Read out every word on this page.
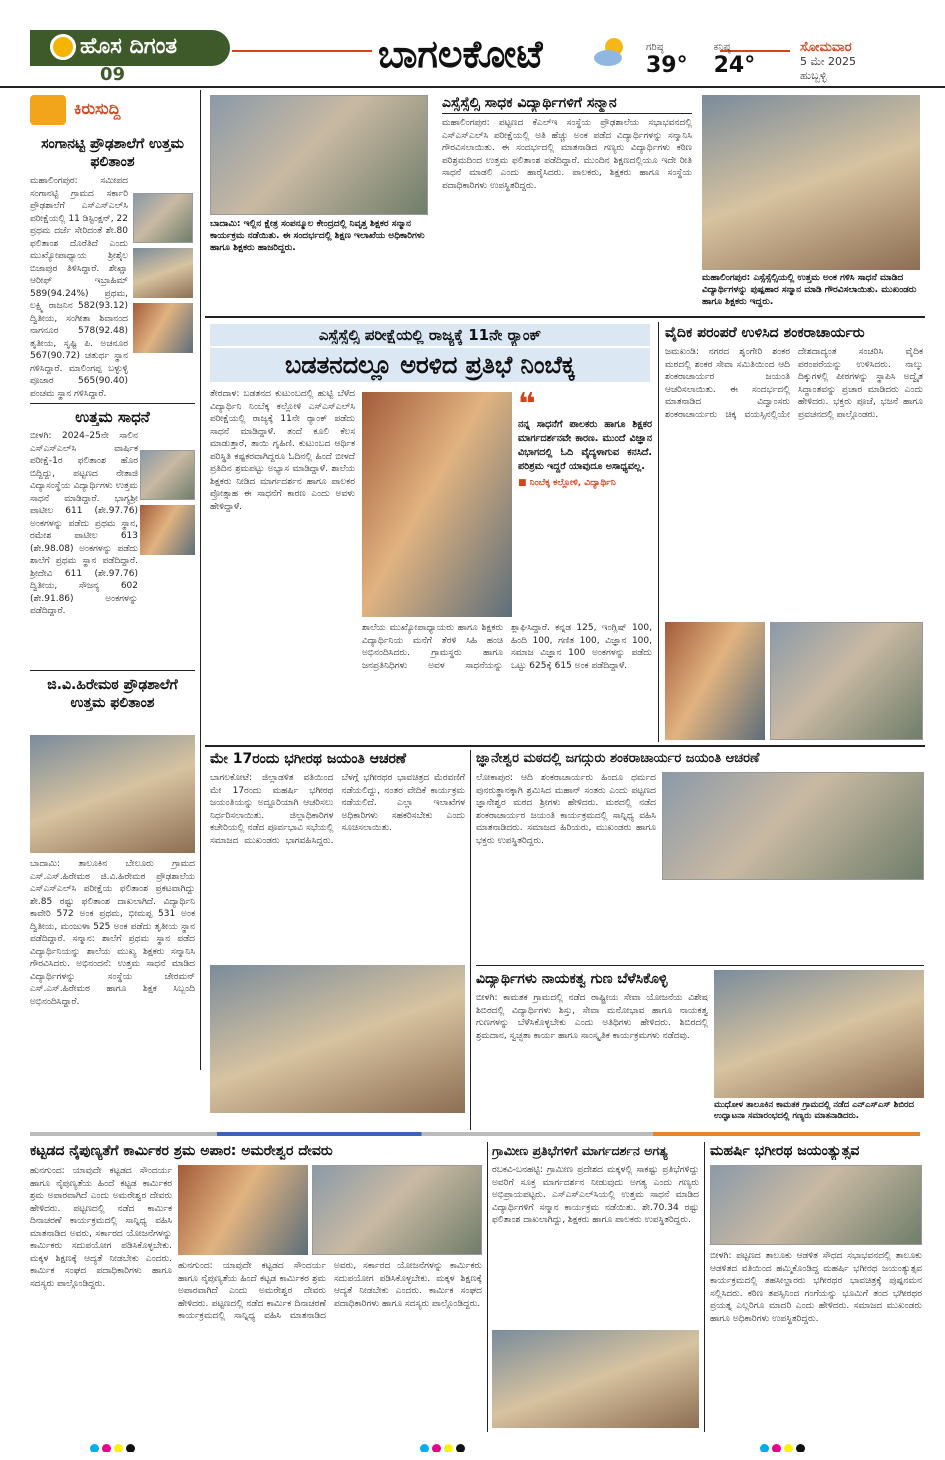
ಹೊಸ ದಿಗಂತ
09	ಬಾಗಲಕೋಟೆ	ಗರಿಷ್ಠ
39°
ಕನಿಷ್ಠ
24°
ಸೋಮವಾರ
5 ಮೇ 2025
ಹುಬ್ಬಳ್ಳಿ
ಕಿರುಸುದ್ದಿ
ಸಂಗಾನಟ್ಟಿ ಪ್ರೌಢಶಾಲೆಗೆ ಉತ್ತಮ ಫಲಿತಾಂಶ
ಮಹಾಲಿಂಗಪುರ: ಸಮೀಪದ ಸಂಗಾನಟ್ಟಿ ಗ್ರಾಮದ ಸರ್ಕಾರಿ ಪ್ರೌಢಶಾಲೆಗೆ ಎಸ್ಎಸ್ಎಲ್‌ಸಿ ಪರೀಕ್ಷೆಯಲ್ಲಿ 11 ಡಿಸ್ಟಿಂಕ್ಷನ್, 22 ಪ್ರಥಮ ದರ್ಜೆ ಸೇರಿದಂತೆ ಶೇ.80 ಫಲಿತಾಂಶ ದೊರೆತಿದೆ ಎಂದು ಮುಖ್ಯೋಪಾಧ್ಯಾಯ ಶ್ರೀಶೈಲ ಬಿಜಾಪುರ ತಿಳಿಸಿದ್ದಾರೆ. ಶೇಖ್ಷಾ ಆರೀಫ್ ಇಬ್ರಾಹಿಮ್ 589(94.24%) ಪ್ರಥಮ, ಲಕ್ಷ್ಮಿ ರಾಜನಿನ 582(93.12) ದ್ವಿತೀಯ, ಸಂಗೀತಾ ಶಿವಾನಂದ ನಾಗನೂರ 578(92.48) ತೃತೀಯ, ಸೃಷ್ಟಿ ಪಿ. ಅಚನೂರ 567(90.72) ಚತುರ್ಥ ಸ್ಥಾನ ಗಳಿಸಿದ್ದಾರೆ. ಮಾಲಿಂಗಪ್ಪ ಬಳ್ಳುಳ್ಳಿ ಪೂಜಾರ 565(90.40) ಪಂಚಮ ಸ್ಥಾನ ಗಳಿಸಿದ್ದಾರೆ.
ಉತ್ತಮ ಸಾಧನೆ
ಬೀಳಗಿ: 2024–25ನೇ ಸಾಲಿನ ಎಸ್ಎಸ್‌ಎಲ್‌ಸಿ ವಾರ್ಷಿಕ ಪರೀಕ್ಷೆ-1ರ ಫಲಿತಾಂಶ ಹೊರ ಬಿದ್ದಿದ್ದು, ಪಟ್ಟಣದ ನೇತಾಜಿ ವಿದ್ಯಾಸಂಸ್ಥೆಯ ವಿದ್ಯಾರ್ಥಿಗಳು ಉತ್ತಮ ಸಾಧನೆ ಮಾಡಿದ್ದಾರೆ. ಭಾಗ್ಯಶ್ರೀ ಪಾಟೀಲ 611 (ಶೇ.97.76) ಅಂಕಗಳನ್ನು ಪಡೆದು ಪ್ರಥಮ ಸ್ಥಾನ, ರಮೇಶ ಪಾಟೀಲ 613 (ಶೇ.98.08) ಅಂಕಗಳನ್ನು ಪಡೆದು ಶಾಲೆಗೆ ಪ್ರಥಮ ಸ್ಥಾನ ಪಡೆದಿದ್ದಾರೆ. ಶ್ರೀದೇವಿ 611 (ಶೇ.97.76) ದ್ವಿತೀಯ, ಸೌಜನ್ಯ 602 (ಶೇ.91.86) ಅಂಕಗಳನ್ನು ಪಡೆದಿದ್ದಾರೆ.
ಜಿ.ವಿ.ಹಿರೇಮಠ ಪ್ರೌಢಶಾಲೆಗೆ ಉತ್ತಮ ಫಲಿತಾಂಶ
ಬಾದಾಮಿ: ತಾಲೂಕಿನ ಬೇಲೂರು ಗ್ರಾಮದ ಎಸ್.ಎಸ್.ಹಿರೇಮಠ ಜಿ.ವಿ.ಹಿರೇಮಠ ಪ್ರೌಢಶಾಲೆಯ ಎಸ್ಎಸ್ಎಲ್‌ಸಿ ಪರೀಕ್ಷೆಯ ಫಲಿತಾಂಶ ಪ್ರಕಟವಾಗಿದ್ದು ಶೇ.85 ರಷ್ಟು ಫಲಿತಾಂಶ ದಾಖಲಾಗಿದೆ. ವಿದ್ಯಾರ್ಥಿನಿ ಕಾವೇರಿ 572 ಅಂಕ ಪ್ರಥಮ, ಭೀಮಪ್ಪ 531 ಅಂಕ ದ್ವಿತೀಯ, ಮಂಜುಳಾ 525 ಅಂಕ ಪಡೆದು ತೃತೀಯ ಸ್ಥಾನ ಪಡೆದಿದ್ದಾರೆ. ಸನ್ಮಾನ: ಶಾಲೆಗೆ ಪ್ರಥಮ ಸ್ಥಾನ ಪಡೆದ ವಿದ್ಯಾರ್ಥಿನಿಯನ್ನು ಶಾಲೆಯ ಮುಖ್ಯ ಶಿಕ್ಷಕರು ಸನ್ಮಾನಿಸಿ ಗೌರವಿಸಿದರು. ಅಭಿನಂದನೆ: ಉತ್ತಮ ಸಾಧನೆ ಮಾಡಿದ ವಿದ್ಯಾರ್ಥಿಗಳನ್ನು ಸಂಸ್ಥೆಯ ಚೇರಮನ್ ಎಸ್.ಎಸ್.ಹಿರೇಮಠ ಹಾಗೂ ಶಿಕ್ಷಕ ಸಿಬ್ಬಂದಿ ಅಭಿನಂದಿಸಿದ್ದಾರೆ.
ಬಾದಾಮಿ: ಇಲ್ಲಿನ ಕ್ಷೇತ್ರ ಸಂಪನ್ಮೂಲ ಕೇಂದ್ರದಲ್ಲಿ ನಿವೃತ್ತ ಶಿಕ್ಷಕರ ಸನ್ಮಾನ ಕಾರ್ಯಕ್ರಮ ನಡೆಯಿತು. ಈ ಸಂದರ್ಭದಲ್ಲಿ ಶಿಕ್ಷಣ ಇಲಾಖೆಯ ಅಧಿಕಾರಿಗಳು ಹಾಗೂ ಶಿಕ್ಷಕರು ಹಾಜರಿದ್ದರು.
ಎಸ್ಸೆಸ್ಸೆಲ್ಸಿ ಸಾಧಕ ವಿದ್ಯಾರ್ಥಿಗಳಿಗೆ ಸನ್ಮಾನ
ಮಹಾಲಿಂಗಪುರ: ಪಟ್ಟಣದ ಕೆಎಲ್ಇ ಸಂಸ್ಥೆಯ ಪ್ರೌಢಶಾಲೆಯ ಸಭಾಭವನದಲ್ಲಿ ಎಸ್ಎಸ್ಎಲ್‌ಸಿ ಪರೀಕ್ಷೆಯಲ್ಲಿ ಅತಿ ಹೆಚ್ಚು ಅಂಕ ಪಡೆದ ವಿದ್ಯಾರ್ಥಿಗಳನ್ನು ಸನ್ಮಾನಿಸಿ ಗೌರವಿಸಲಾಯಿತು. ಈ ಸಂದರ್ಭದಲ್ಲಿ ಮಾತನಾಡಿದ ಗಣ್ಯರು ವಿದ್ಯಾರ್ಥಿಗಳು ಕಠಿಣ ಪರಿಶ್ರಮದಿಂದ ಉತ್ತಮ ಫಲಿತಾಂಶ ಪಡೆದಿದ್ದಾರೆ. ಮುಂದಿನ ಶಿಕ್ಷಣದಲ್ಲಿಯೂ ಇದೇ ರೀತಿ ಸಾಧನೆ ಮಾಡಲಿ ಎಂದು ಹಾರೈಸಿದರು. ಪಾಲಕರು, ಶಿಕ್ಷಕರು ಹಾಗೂ ಸಂಸ್ಥೆಯ ಪದಾಧಿಕಾರಿಗಳು ಉಪಸ್ಥಿತರಿದ್ದರು.
ಮಹಾಲಿಂಗಪುರ: ಎಸ್ಸೆಸ್ಸೆಲ್ಸಿಯಲ್ಲಿ ಉತ್ತಮ ಅಂಕ ಗಳಿಸಿ ಸಾಧನೆ ಮಾಡಿದ ವಿದ್ಯಾರ್ಥಿಗಳನ್ನು ಪುಷ್ಪಹಾರ ಸನ್ಮಾನ ಮಾಡಿ ಗೌರವಿಸಲಾಯಿತು. ಮುಖಂಡರು ಹಾಗೂ ಶಿಕ್ಷಕರು ಇದ್ದರು.
ಎಸ್ಸೆಸ್ಸೆಲ್ಸಿ ಪರೀಕ್ಷೆಯಲ್ಲಿ ರಾಜ್ಯಕ್ಕೆ 11ನೇ ರ್‍ಯಾಂಕ್
ಬಡತನದಲ್ಲೂ ಅರಳಿದ ಪ್ರತಿಭೆ ನಿಂಬೆಕ್ಕ
ತೇರದಾಳ: ಬಡತನದ ಕುಟುಂಬದಲ್ಲಿ ಹುಟ್ಟಿ ಬೆಳೆದ ವಿದ್ಯಾರ್ಥಿನಿ ನಿಂಬೆಕ್ಕ ಕಲ್ಲೋಳಿ ಎಸ್ಎಸ್ಎಲ್‌ಸಿ ಪರೀಕ್ಷೆಯಲ್ಲಿ ರಾಜ್ಯಕ್ಕೆ 11ನೇ ರ್‍ಯಾಂಕ್ ಪಡೆದು ಸಾಧನೆ ಮಾಡಿದ್ದಾಳೆ. ತಂದೆ ಕೂಲಿ ಕೆಲಸ ಮಾಡುತ್ತಾರೆ, ತಾಯಿ ಗೃಹಿಣಿ. ಕುಟುಂಬದ ಆರ್ಥಿಕ ಪರಿಸ್ಥಿತಿ ಕಷ್ಟಕರವಾಗಿದ್ದರೂ ಓದಿನಲ್ಲಿ ಹಿಂದೆ ಬೀಳದೆ ಪ್ರತಿದಿನ ಶ್ರಮಪಟ್ಟು ಅಭ್ಯಾಸ ಮಾಡಿದ್ದಾಳೆ. ಶಾಲೆಯ ಶಿಕ್ಷಕರು ನೀಡಿದ ಮಾರ್ಗದರ್ಶನ ಹಾಗೂ ಪಾಲಕರ ಪ್ರೋತ್ಸಾಹ ಈ ಸಾಧನೆಗೆ ಕಾರಣ ಎಂದು ಅವಳು ಹೇಳಿದ್ದಾಳೆ.
❝
ನನ್ನ ಸಾಧನೆಗೆ ಪಾಲಕರು ಹಾಗೂ ಶಿಕ್ಷಕರ ಮಾರ್ಗದರ್ಶನವೇ ಕಾರಣ. ಮುಂದೆ ವಿಜ್ಞಾನ ವಿಭಾಗದಲ್ಲಿ ಓದಿ ವೈದ್ಯಳಾಗುವ ಕನಸಿದೆ. ಪರಿಶ್ರಮ ಇದ್ದರೆ ಯಾವುದೂ ಅಸಾಧ್ಯವಲ್ಲ.
■ ನಿಂಬೆಕ್ಕ ಕಲ್ಲೋಳಿ, ವಿದ್ಯಾರ್ಥಿನಿ
ಶಾಲೆಯ ಮುಖ್ಯೋಪಾಧ್ಯಾಯರು ಹಾಗೂ ಶಿಕ್ಷಕರು ವಿದ್ಯಾರ್ಥಿನಿಯ ಮನೆಗೆ ತೆರಳಿ ಸಿಹಿ ಹಂಚಿ ಅಭಿನಂದಿಸಿದರು. ಗ್ರಾಮಸ್ಥರು ಹಾಗೂ ಜನಪ್ರತಿನಿಧಿಗಳು ಅವಳ ಸಾಧನೆಯನ್ನು ಶ್ಲಾಘಿಸಿದ್ದಾರೆ. ಕನ್ನಡ 125, ಇಂಗ್ಲಿಷ್ 100, ಹಿಂದಿ 100, ಗಣಿತ 100, ವಿಜ್ಞಾನ 100, ಸಮಾಜ ವಿಜ್ಞಾನ 100 ಅಂಕಗಳನ್ನು ಪಡೆದು ಒಟ್ಟು 625ಕ್ಕೆ 615 ಅಂಕ ಪಡೆದಿದ್ದಾಳೆ.
ವೈದಿಕ ಪರಂಪರೆ ಉಳಿಸಿದ ಶಂಕರಾಚಾರ್ಯರು
ಜಮಖಂಡಿ: ನಗರದ ಶೃಂಗೇರಿ ಶಂಕರ ಮಠದಲ್ಲಿ ಶಂಕರ ಸೇವಾ ಸಮಿತಿಯಿಂದ ಆದಿ ಶಂಕರಾಚಾರ್ಯರ ಜಯಂತಿ ಆಚರಿಸಲಾಯಿತು. ಈ ಸಂದರ್ಭದಲ್ಲಿ ಮಾತನಾಡಿದ ವಿದ್ವಾಂಸರು ಶಂಕರಾಚಾರ್ಯರು ಚಿಕ್ಕ ವಯಸ್ಸಿನಲ್ಲಿಯೇ ದೇಶದಾದ್ಯಂತ ಸಂಚರಿಸಿ ವೈದಿಕ ಪರಂಪರೆಯನ್ನು ಉಳಿಸಿದರು. ನಾಲ್ಕು ದಿಕ್ಕುಗಳಲ್ಲಿ ಪೀಠಗಳನ್ನು ಸ್ಥಾಪಿಸಿ ಅದ್ವೈತ ಸಿದ್ಧಾಂತವನ್ನು ಪ್ರಚಾರ ಮಾಡಿದರು ಎಂದು ಹೇಳಿದರು. ಭಕ್ತರು ಪೂಜೆ, ಭಜನೆ ಹಾಗೂ ಪ್ರವಚನದಲ್ಲಿ ಪಾಲ್ಗೊಂಡರು.
ಮೇ 17ರಂದು ಭಗೀರಥ ಜಯಂತಿ ಆಚರಣೆ
ಬಾಗಲಕೋಟೆ: ಜಿಲ್ಲಾಡಳಿತ ವತಿಯಿಂದ ಮೇ 17ರಂದು ಮಹರ್ಷಿ ಭಗೀರಥ ಜಯಂತಿಯನ್ನು ಅದ್ದೂರಿಯಾಗಿ ಆಚರಿಸಲು ನಿರ್ಧರಿಸಲಾಯಿತು. ಜಿಲ್ಲಾಧಿಕಾರಿಗಳ ಕಚೇರಿಯಲ್ಲಿ ನಡೆದ ಪೂರ್ವಭಾವಿ ಸಭೆಯಲ್ಲಿ ಸಮಾಜದ ಮುಖಂಡರು ಭಾಗವಹಿಸಿದ್ದರು. ಬೆಳಗ್ಗೆ ಭಗೀರಥರ ಭಾವಚಿತ್ರದ ಮೆರವಣಿಗೆ ನಡೆಯಲಿದ್ದು, ನಂತರ ವೇದಿಕೆ ಕಾರ್ಯಕ್ರಮ ನಡೆಯಲಿದೆ. ಎಲ್ಲಾ ಇಲಾಖೆಗಳ ಅಧಿಕಾರಿಗಳು ಸಹಕರಿಸಬೇಕು ಎಂದು ಸೂಚಿಸಲಾಯಿತು.
ಜ್ಞಾನೇಶ್ವರ ಮಠದಲ್ಲಿ ಜಗದ್ಗುರು ಶಂಕರಾಚಾರ್ಯರ ಜಯಂತಿ ಆಚರಣೆ
ಲೋಕಾಪುರ: ಆದಿ ಶಂಕರಾಚಾರ್ಯರು ಹಿಂದೂ ಧರ್ಮದ ಪುನರುತ್ಥಾನಕ್ಕಾಗಿ ಶ್ರಮಿಸಿದ ಮಹಾನ್ ಸಂತರು ಎಂದು ಪಟ್ಟಣದ ಜ್ಞಾನೇಶ್ವರ ಮಠದ ಶ್ರೀಗಳು ಹೇಳಿದರು. ಮಠದಲ್ಲಿ ನಡೆದ ಶಂಕರಾಚಾರ್ಯರ ಜಯಂತಿ ಕಾರ್ಯಕ್ರಮದಲ್ಲಿ ಸಾನ್ನಿಧ್ಯ ವಹಿಸಿ ಮಾತನಾಡಿದರು. ಸಮಾಜದ ಹಿರಿಯರು, ಮುಖಂಡರು ಹಾಗೂ ಭಕ್ತರು ಉಪಸ್ಥಿತರಿದ್ದರು.
ವಿದ್ಯಾರ್ಥಿಗಳು ನಾಯಕತ್ವ ಗುಣ ಬೆಳೆಸಿಕೊಳ್ಳಿ
ಬೀಳಗಿ: ಕಾಮತಕ ಗ್ರಾಮದಲ್ಲಿ ನಡೆದ ರಾಷ್ಟ್ರೀಯ ಸೇವಾ ಯೋಜನೆಯ ವಿಶೇಷ ಶಿಬಿರದಲ್ಲಿ ವಿದ್ಯಾರ್ಥಿಗಳು ಶಿಸ್ತು, ಸೇವಾ ಮನೋಭಾವ ಹಾಗೂ ನಾಯಕತ್ವ ಗುಣಗಳನ್ನು ಬೆಳೆಸಿಕೊಳ್ಳಬೇಕು ಎಂದು ಅತಿಥಿಗಳು ಹೇಳಿದರು. ಶಿಬಿರದಲ್ಲಿ ಶ್ರಮದಾನ, ಸ್ವಚ್ಛತಾ ಕಾರ್ಯ ಹಾಗೂ ಸಾಂಸ್ಕೃತಿಕ ಕಾರ್ಯಕ್ರಮಗಳು ನಡೆದವು.
ಮುಧೋಳ ತಾಲೂಕಿನ ಕಾಮತಕ ಗ್ರಾಮದಲ್ಲಿ ನಡೆದ ಎನ್ಎಸ್ಎಸ್ ಶಿಬಿರದ ಉದ್ಘಾಟನಾ ಸಮಾರಂಭದಲ್ಲಿ ಗಣ್ಯರು ಮಾತನಾಡಿದರು.
ಕಟ್ಟಡದ ನೈಪುಣ್ಯತೆಗೆ ಕಾರ್ಮಿಕರ ಶ್ರಮ ಅಪಾರ: ಅಮರೇಶ್ವರ ದೇವರು
ಹುನಗುಂದ: ಯಾವುದೇ ಕಟ್ಟಡದ ಸೌಂದರ್ಯ ಹಾಗೂ ನೈಪುಣ್ಯತೆಯ ಹಿಂದೆ ಕಟ್ಟಡ ಕಾರ್ಮಿಕರ ಶ್ರಮ ಅಪಾರವಾಗಿದೆ ಎಂದು ಅಮರೇಶ್ವರ ದೇವರು ಹೇಳಿದರು. ಪಟ್ಟಣದಲ್ಲಿ ನಡೆದ ಕಾರ್ಮಿಕ ದಿನಾಚರಣೆ ಕಾರ್ಯಕ್ರಮದಲ್ಲಿ ಸಾನ್ನಿಧ್ಯ ವಹಿಸಿ ಮಾತನಾಡಿದ ಅವರು, ಸರ್ಕಾರದ ಯೋಜನೆಗಳನ್ನು ಕಾರ್ಮಿಕರು ಸದುಪಯೋಗ ಪಡಿಸಿಕೊಳ್ಳಬೇಕು. ಮಕ್ಕಳ ಶಿಕ್ಷಣಕ್ಕೆ ಆದ್ಯತೆ ನೀಡಬೇಕು ಎಂದರು. ಕಾರ್ಮಿಕ ಸಂಘದ ಪದಾಧಿಕಾರಿಗಳು ಹಾಗೂ ಸದಸ್ಯರು ಪಾಲ್ಗೊಂಡಿದ್ದರು.
ಹುನಗುಂದ: ಯಾವುದೇ ಕಟ್ಟಡದ ಸೌಂದರ್ಯ ಹಾಗೂ ನೈಪುಣ್ಯತೆಯ ಹಿಂದೆ ಕಟ್ಟಡ ಕಾರ್ಮಿಕರ ಶ್ರಮ ಅಪಾರವಾಗಿದೆ ಎಂದು ಅಮರೇಶ್ವರ ದೇವರು ಹೇಳಿದರು. ಪಟ್ಟಣದಲ್ಲಿ ನಡೆದ ಕಾರ್ಮಿಕ ದಿನಾಚರಣೆ ಕಾರ್ಯಕ್ರಮದಲ್ಲಿ ಸಾನ್ನಿಧ್ಯ ವಹಿಸಿ ಮಾತನಾಡಿದ ಅವರು, ಸರ್ಕಾರದ ಯೋಜನೆಗಳನ್ನು ಕಾರ್ಮಿಕರು ಸದುಪಯೋಗ ಪಡಿಸಿಕೊಳ್ಳಬೇಕು. ಮಕ್ಕಳ ಶಿಕ್ಷಣಕ್ಕೆ ಆದ್ಯತೆ ನೀಡಬೇಕು ಎಂದರು. ಕಾರ್ಮಿಕ ಸಂಘದ ಪದಾಧಿಕಾರಿಗಳು ಹಾಗೂ ಸದಸ್ಯರು ಪಾಲ್ಗೊಂಡಿದ್ದರು.
ಗ್ರಾಮೀಣ ಪ್ರತಿಭೆಗಳಿಗೆ ಮಾರ್ಗದರ್ಶನ ಅಗತ್ಯ
ರಬಕವಿ-ಬನಹಟ್ಟಿ: ಗ್ರಾಮೀಣ ಪ್ರದೇಶದ ಮಕ್ಕಳಲ್ಲಿ ಸಾಕಷ್ಟು ಪ್ರತಿಭೆಗಳಿದ್ದು ಅವರಿಗೆ ಸೂಕ್ತ ಮಾರ್ಗದರ್ಶನ ನೀಡುವುದು ಅಗತ್ಯ ಎಂದು ಗಣ್ಯರು ಅಭಿಪ್ರಾಯಪಟ್ಟರು. ಎಸ್ಎಸ್ಎಲ್‌ಸಿಯಲ್ಲಿ ಉತ್ತಮ ಸಾಧನೆ ಮಾಡಿದ ವಿದ್ಯಾರ್ಥಿಗಳಿಗೆ ಸನ್ಮಾನ ಕಾರ್ಯಕ್ರಮ ನಡೆಯಿತು. ಶೇ.70.34 ರಷ್ಟು ಫಲಿತಾಂಶ ದಾಖಲಾಗಿದ್ದು, ಶಿಕ್ಷಕರು ಹಾಗೂ ಪಾಲಕರು ಉಪಸ್ಥಿತರಿದ್ದರು.
ಮಹರ್ಷಿ ಭಗೀರಥ ಜಯಂತ್ಯುತ್ಸವ
ಬೀಳಗಿ: ಪಟ್ಟಣದ ತಾಲೂಕು ಆಡಳಿತ ಸೌಧದ ಸಭಾಭವನದಲ್ಲಿ ತಾಲೂಕು ಆಡಳಿತದ ವತಿಯಿಂದ ಹಮ್ಮಿಕೊಂಡಿದ್ದ ಮಹರ್ಷಿ ಭಗೀರಥ ಜಯಂತ್ಯುತ್ಸವ ಕಾರ್ಯಕ್ರಮದಲ್ಲಿ ತಹಸೀಲ್ದಾರರು ಭಗೀರಥರ ಭಾವಚಿತ್ರಕ್ಕೆ ಪುಷ್ಪನಮನ ಸಲ್ಲಿಸಿದರು. ಕಠಿಣ ತಪಸ್ಸಿನಿಂದ ಗಂಗೆಯನ್ನು ಭೂಮಿಗೆ ತಂದ ಭಗೀರಥರ ಪ್ರಯತ್ನ ಎಲ್ಲರಿಗೂ ಮಾದರಿ ಎಂದು ಹೇಳಿದರು. ಸಮಾಜದ ಮುಖಂಡರು ಹಾಗೂ ಅಧಿಕಾರಿಗಳು ಉಪಸ್ಥಿತರಿದ್ದರು.
